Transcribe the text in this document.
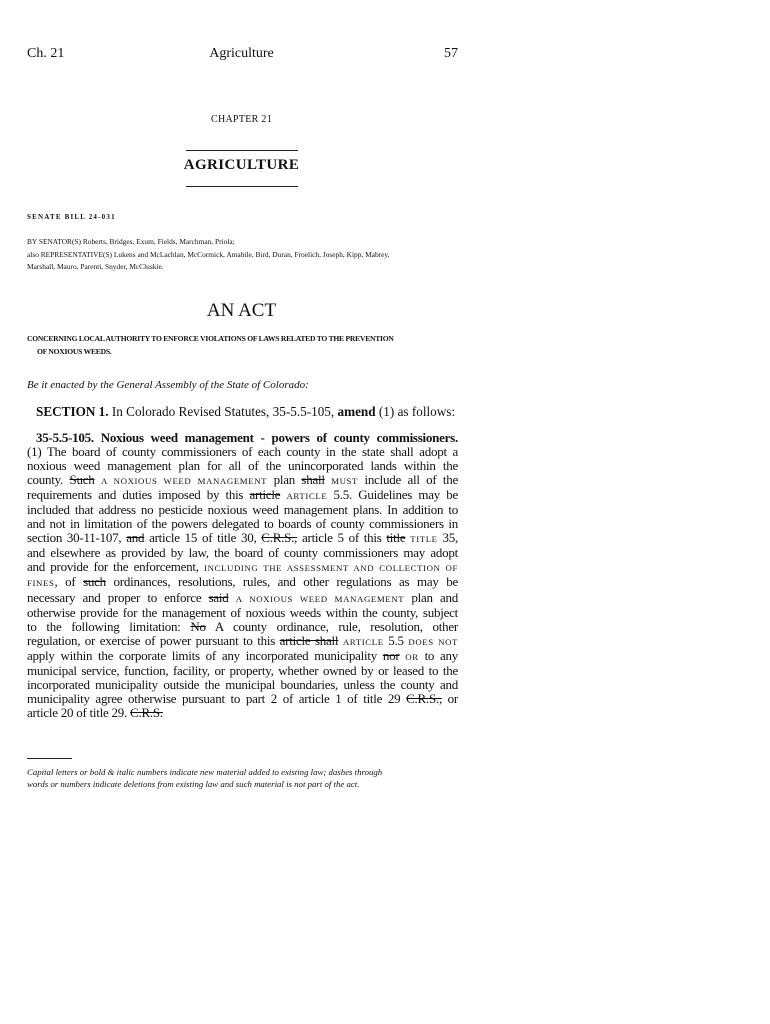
Ch. 21	Agriculture	57
CHAPTER 21
AGRICULTURE
SENATE BILL 24-031
BY SENATOR(S) Roberts, Bridges, Exum, Fields, Marchman, Priola;
also REPRESENTATIVE(S) Lukens and McLachlan, McCormick, Amabile, Bird, Duran, Froelich, Joseph, Kipp, Mabrey,
Marshall, Mauro, Parenti, Snyder, McCluskie.
AN ACT
CONCERNING LOCAL AUTHORITY TO ENFORCE VIOLATIONS OF LAWS RELATED TO THE PREVENTION
OF NOXIOUS WEEDS.
Be it enacted by the General Assembly of the State of Colorado:
SECTION 1. In Colorado Revised Statutes, 35-5.5-105, amend (1) as follows:
35-5.5-105. Noxious weed management - powers of county commissioners.
(1) The board of county commissioners of each county in the state shall adopt a
noxious weed management plan for all of the unincorporated lands within the
county. Such A NOXIOUS WEED MANAGEMENT plan shall MUST include all of the
requirements and duties imposed by this article ARTICLE 5.5. Guidelines may be
included that address no pesticide noxious weed management plans. In addition to
and not in limitation of the powers delegated to boards of county commissioners in
section 30-11-107, and article 15 of title 30, C.R.S., article 5 of this title TITLE 35,
and elsewhere as provided by law, the board of county commissioners may adopt
and provide for the enforcement, INCLUDING THE ASSESSMENT AND COLLECTION OF
FINES, of such ordinances, resolutions, rules, and other regulations as may be
necessary and proper to enforce said A NOXIOUS WEED MANAGEMENT plan and
otherwise provide for the management of noxious weeds within the county, subject
to the following limitation: No A county ordinance, rule, resolution, other
regulation, or exercise of power pursuant to this article shall ARTICLE 5.5 DOES NOT
apply within the corporate limits of any incorporated municipality nor OR to any
municipal service, function, facility, or property, whether owned by or leased to the
incorporated municipality outside the municipal boundaries, unless the county and
municipality agree otherwise pursuant to part 2 of article 1 of title 29 C.R.S., or
article 20 of title 29. C.R.S.
Capital letters or bold & italic numbers indicate new material added to existing law; dashes through
words or numbers indicate deletions from existing law and such material is not part of the act.
